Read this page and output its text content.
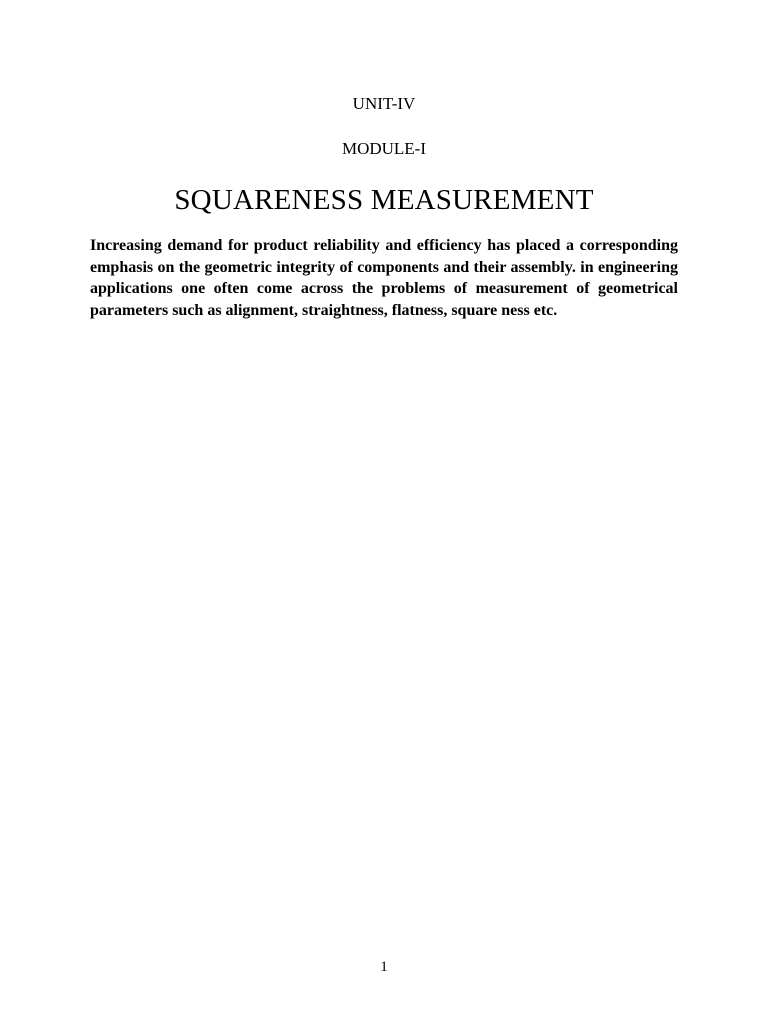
UNIT-IV
MODULE-I
SQUARENESS MEASUREMENT

Increasing demand for product reliability and efficiency has placed a corresponding emphasis on the geometric integrity of components and their assembly. in engineering applications one often come across the problems of measurement of geometrical parameters such as alignment, straightness, flatness, square ness etc.

1
